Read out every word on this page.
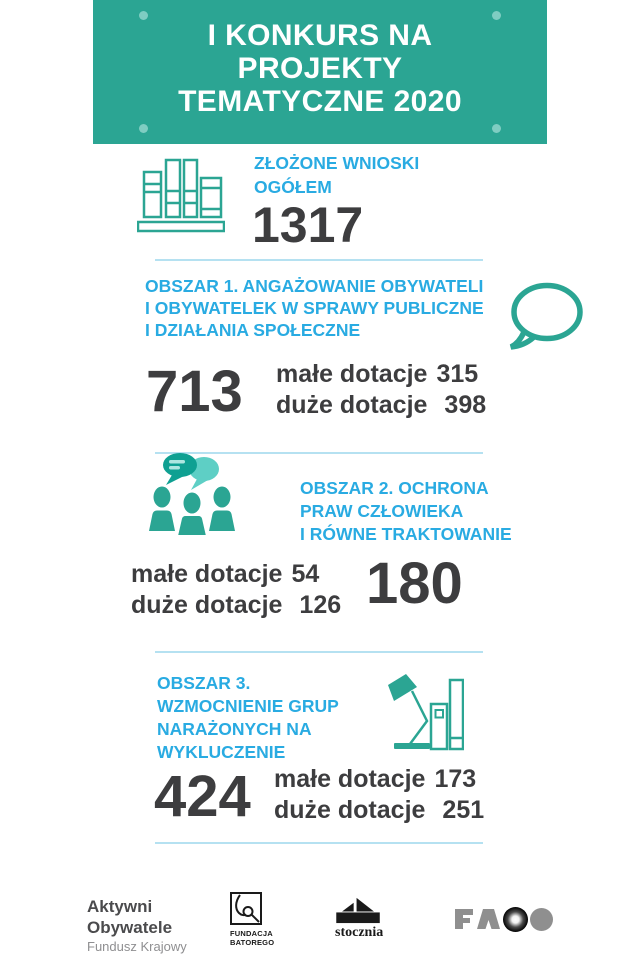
I KONKURS NA
PROJEKTY
TEMATYCZNE 2020
ZŁOŻONE WNIOSKI
OGÓŁEM
1317
OBSZAR 1. ANGAŻOWANIE OBYWATELI
I OBYWATELEK W SPRAWY PUBLICZNE
I DZIAŁANIA SPOŁECZNE
713 małe dotacje 315
duże dotacje 398
OBSZAR 2. OCHRONA
PRAW CZŁOWIEKA
I RÓWNE TRAKTOWANIE
małe dotacje 54
duże dotacje 126 180
OBSZAR 3.
WZMOCNIENIE GRUP
NARAŻONYCH NA
WYKLUCZENIE
424 małe dotacje 173
duże dotacje 251
Aktywni
Obywatele
Fundusz Krajowy
FUNDACJA
BATOREGO
stocznia
